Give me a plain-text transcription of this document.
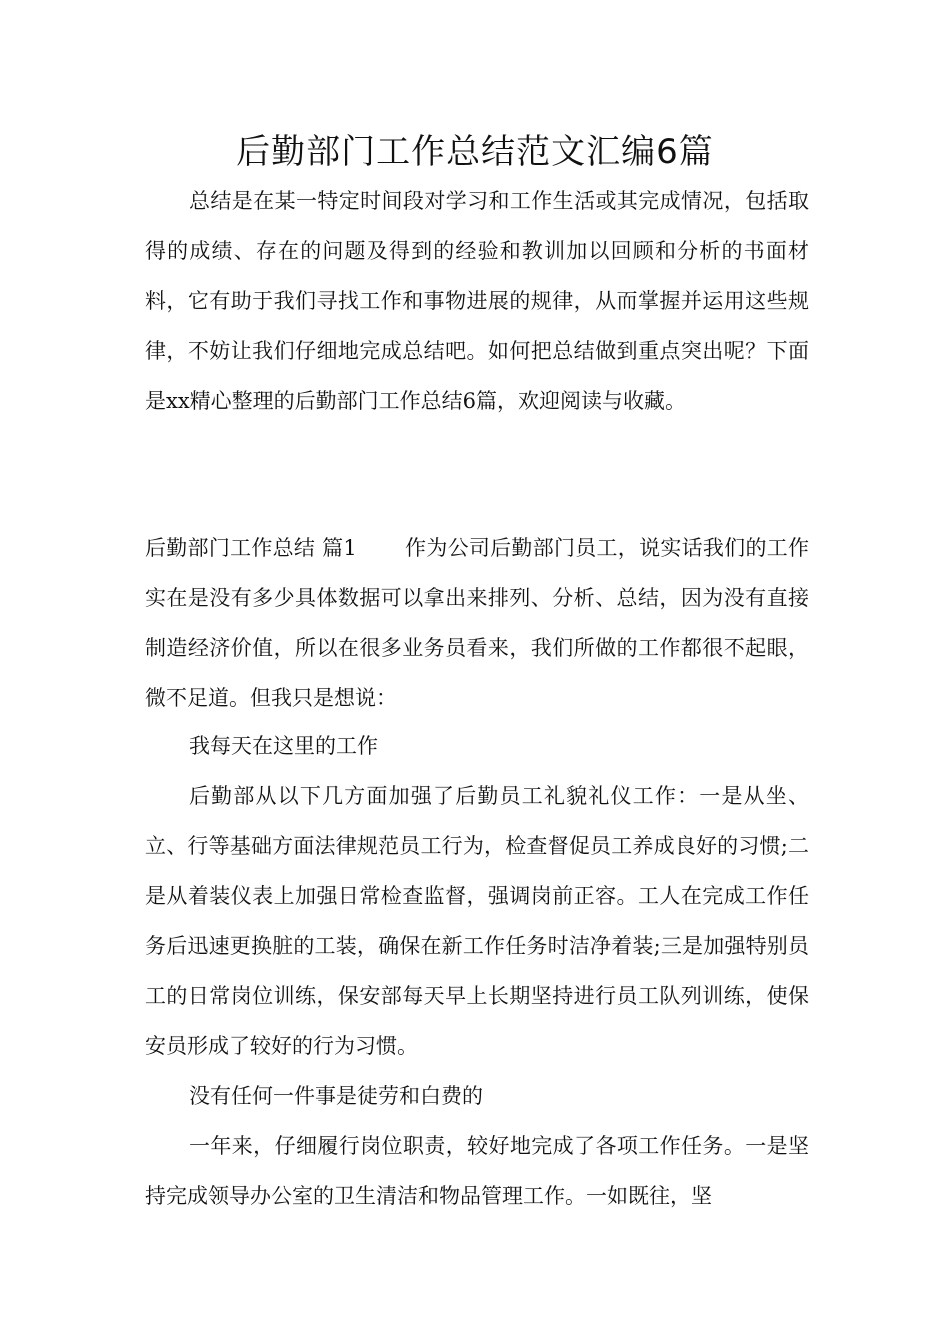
后勤部门工作总结范文汇编6篇

总结是在某一特定时间段对学习和工作生活或其完成情况，包括取得的成绩、存在的问题及得到的经验和教训加以回顾和分析的书面材料，它有助于我们寻找工作和事物进展的规律，从而掌握并运用这些规律，不妨让我们仔细地完成总结吧。如何把总结做到重点突出呢？下面是xx精心整理的后勤部门工作总结6篇，欢迎阅读与收藏。

后勤部门工作总结 篇1 作为公司后勤部门员工，说实话我们的工作实在是没有多少具体数据可以拿出来排列、分析、总结，因为没有直接制造经济价值，所以在很多业务员看来，我们所做的工作都很不起眼，微不足道。但我只是想说：

我每天在这里的工作

后勤部从以下几方面加强了后勤员工礼貌礼仪工作：一是从坐、立、行等基础方面法律规范员工行为，检查督促员工养成良好的习惯;二是从着装仪表上加强日常检查监督，强调岗前正容。工人在完成工作任务后迅速更换脏的工装，确保在新工作任务时洁净着装;三是加强特别员工的日常岗位训练，保安部每天早上长期坚持进行员工队列训练，使保安员形成了较好的行为习惯。

没有任何一件事是徒劳和白费的

一年来，仔细履行岗位职责，较好地完成了各项工作任务。一是坚持完成领导办公室的卫生清洁和物品管理工作。一如既往，坚
